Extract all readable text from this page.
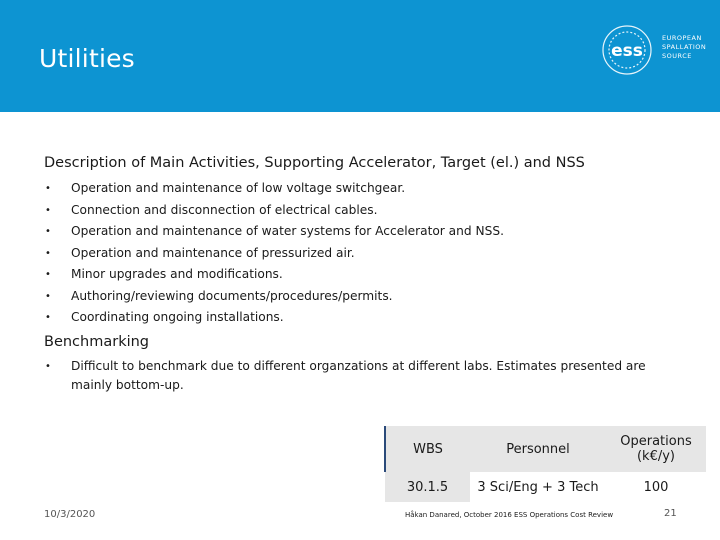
Utilities	ess
EUROPEAN
SPALLATION
SOURCE
Description of Main Activities, Supporting Accelerator, Target (el.) and NSS
• Operation and maintenance of low voltage switchgear.
• Connection and disconnection of electrical cables.
• Operation and maintenance of water systems for Accelerator and NSS.
• Operation and maintenance of pressurized air.
• Minor upgrades and modifications.
• Authoring/reviewing documents/procedures/permits.
• Coordinating ongoing installations.
Benchmarking
• Difficult to benchmark due to different organzations at different labs. Estimates presented are mainly bottom-up.
WBS	Personnel	Operations (k€/y)
30.1.5	3 Sci/Eng + 3 Tech	100
10/3/2020	Håkan Danared, October 2016 ESS Operations Cost Review	21
